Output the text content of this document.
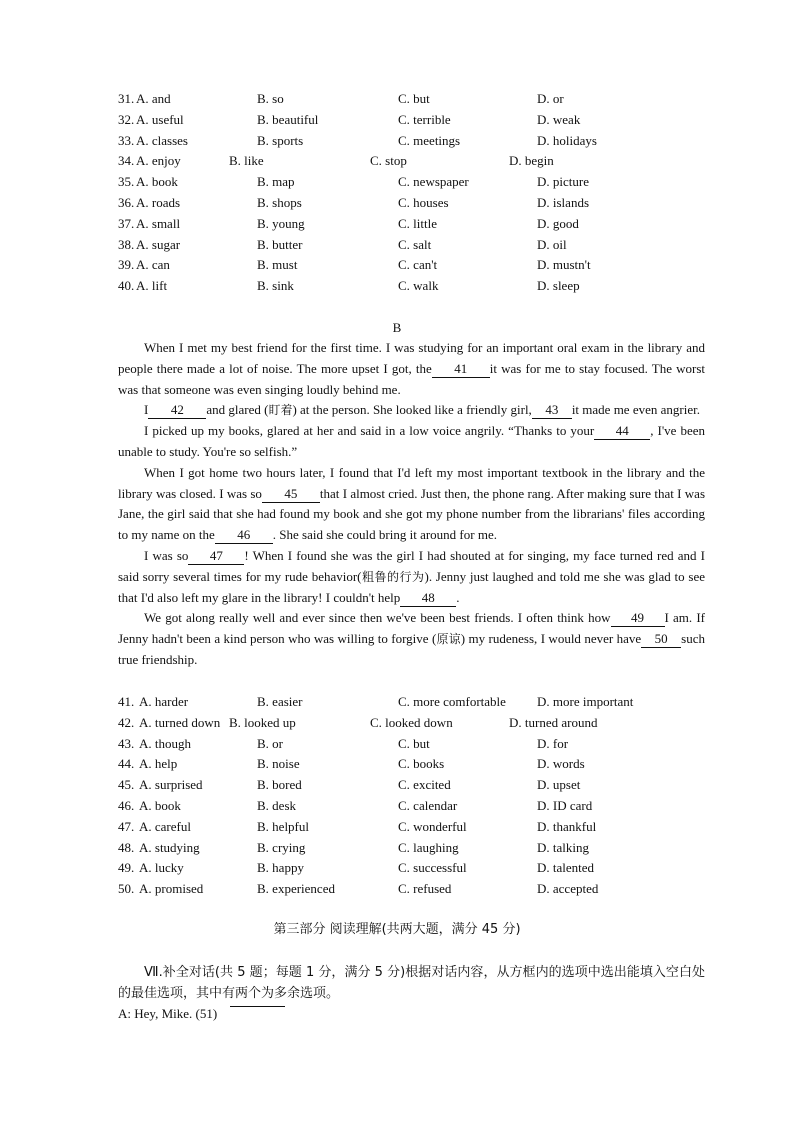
31. A. and	B. so	C. but	D. or
32. A. useful	B. beautiful	C. terrible	D. weak
33. A. classes	B. sports	C. meetings	D. holidays
34. A. enjoy	B. like	C. stop	D. begin
35. A. book	B. map	C. newspaper	D. picture
36. A. roads	B. shops	C. houses	D. islands
37. A. small	B. young	C. little	D. good
38. A. sugar	B. butter	C. salt	D. oil
39. A. can	B. must	C. can't	D. mustn't
40. A. lift	B. sink	C. walk	D. sleep
B

  When I met my best friend for the first time. I was studying for an important oral exam in the library and people there made a lot of noise. The more upset I got, the 41 it was for me to stay focused. The worst was that someone was even singing loudly behind me.

  I 42 and glared (盯着) at the person. She looked like a friendly girl, 43 it made me even angrier.

  I picked up my books, glared at her and said in a low voice angrily. “Thanks to your 44 , I've been unable to study. You're so selfish.”

  When I got home two hours later, I found that I'd left my most important textbook in the library and the library was closed. I was so 45 that I almost cried. Just then, the phone rang. After making sure that I was Jane, the girl said that she had found my book and she got my phone number from the librarians' files according to my name on the 46 . She said she could bring it around for me.

  I was so 47 ! When I found she was the girl I had shouted at for singing, my face turned red and I said sorry several times for my rude behavior(粗鲁的行为). Jenny just laughed and told me she was glad to see that I'd also left my glare in the library! I couldn't help 48 .

  We got along really well and ever since then we've been best friends. I often think how 49 I am. If Jenny hadn't been a kind person who was willing to forgive (原谅) my rudeness, I would never have 50 such true friendship.

41. A. harder	B. easier	C. more comfortable D. more important
42. A. turned down B. looked up	C. looked down	D. turned around
43. A. though	B. or	C. but	D. for
44. A. help	B. noise	C. books	D. words
45. A. surprised	B. bored	C. excited	D. upset
46. A. book	B. desk	C. calendar	D. ID card
47. A. careful	B. helpful	C. wonderful	D. thankful
48. A. studying	B. crying	C. laughing	D. talking
49. A. lucky	B. happy	C. successful	D. talented
50. A. promised	B. experienced	C. refused	D. accepted
第三部分 阅读理解(共两大题，满分 45 分)
  Ⅶ.补全对话(共 5 题；每题 1 分，满分 5 分)根据对话内容，从方框内的选项中选出能填入空白处的最佳选项，其中有两个为多余选项。
A: Hey, Mike. (51)
